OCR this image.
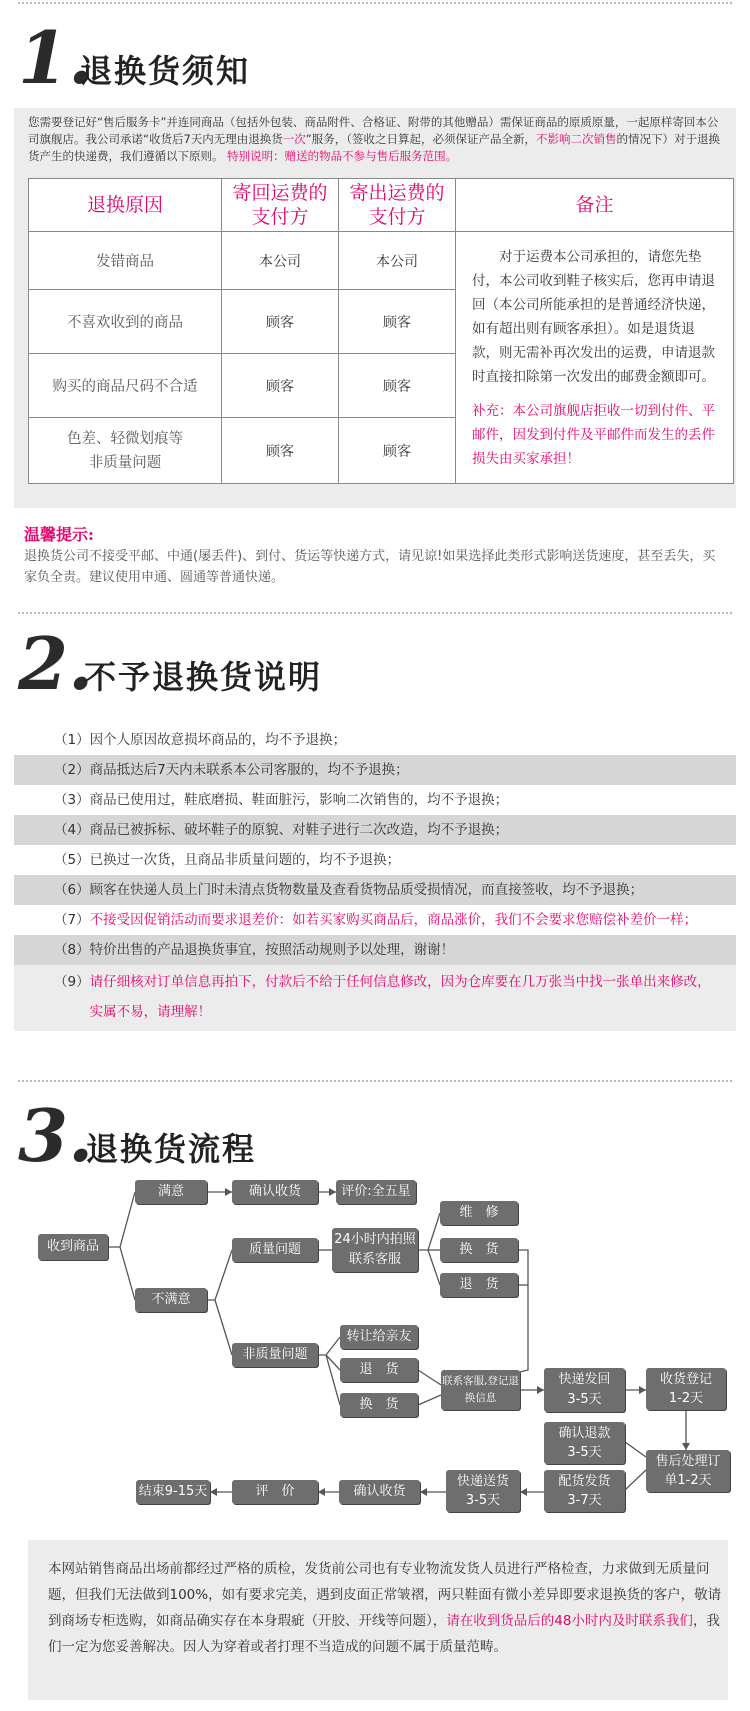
1.
退换货须知
您需要登记好“售后服务卡”并连同商品（包括外包装、商品附件、合格证、附带的其他赠品）需保证商品的原质原量，一起原样寄回本公司旗舰店。我公司承诺“收货后7天内无理由退换货一次”服务，（签收之日算起，必须保证产品全新，不影响二次销售的情况下）对于退换货产生的快递费，我们遵循以下原则。 特别说明：赠送的物品不参与售后服务范围。
退换原因	寄回运费的支付方	寄出运费的支付方	备注
发错商品	本公司	本公司	对于运费本公司承担的，请您先垫付，本公司收到鞋子核实后，您再申请退回（本公司所能承担的是普通经济快递，如有超出则有顾客承担）。如是退货退款，则无需补再次发出的运费，申请退款时直接扣除第一次发出的邮费金额即可。
补充：本公司旗舰店拒收一切到付件、平邮件，因发到付件及平邮件而发生的丢件损失由买家承担！

不喜欢收到的商品	顾客	顾客	
购买的商品尺码不合适	顾客	顾客	

色差、轻微划痕等非质量问题	顾客	顾客	
温馨提示:
退换货公司不接受平邮、中通(屡丢件)、到付、货运等快递方式，请见谅!如果选择此类形式影响送货速度，甚至丢失，买家负全责。建议使用申通、圆通等普通快递。
2.
不予退换货说明
（1）因个人原因故意损坏商品的，均不予退换；
（2）商品抵达后7天内未联系本公司客服的，均不予退换；
（3）商品已使用过，鞋底磨损、鞋面脏污，影响二次销售的，均不予退换；
（4）商品已被拆标、破坏鞋子的原貌、对鞋子进行二次改造，均不予退换；
（5）已换过一次货，且商品非质量问题的，均不予退换；
（6）顾客在快递人员上门时未清点货物数量及查看货物品质受损情况，而直接签收，均不予退换；
（7）不接受因促销活动而要求退差价：如若买家购买商品后，商品涨价，我们不会要求您赔偿补差价一样；
（8）特价出售的产品退换货事宜，按照活动规则予以处理，谢谢！
（9） 请仔细核对订单信息再拍下，付款后不给于任何信息修改，因为仓库要在几万张当中找一张单出来修改，实属不易，请理解！
3.
退换货流程
收到商品
满意	确认收货	评价:全五星
不满意
质量问题
24小时内拍照联系客服
维　修
换　货
退　货
非质量问题
转让给亲友
退　货
换　货
联系客服,登记退换信息
快递发回 3-5天
收货登记 1-2天
确认退款 3-5天
售后处理订单1-2天
配货发货 3-7天
快递送货 3-5天
确认收货
评　价
结束9-15天
本网站销售商品出场前都经过严格的质检，发货前公司也有专业物流发货人员进行严格检查，力求做到无质量问题，但我们无法做到100%，如有要求完美，遇到皮面正常皱褶，两只鞋面有微小差异即要求退换货的客户，敬请到商场专柜选购，如商品确实存在本身瑕疵（开胶、开线等问题），请在收到货品后的48小时内及时联系我们，我们一定为您妥善解决。因人为穿着或者打理不当造成的问题不属于质量范畴。
